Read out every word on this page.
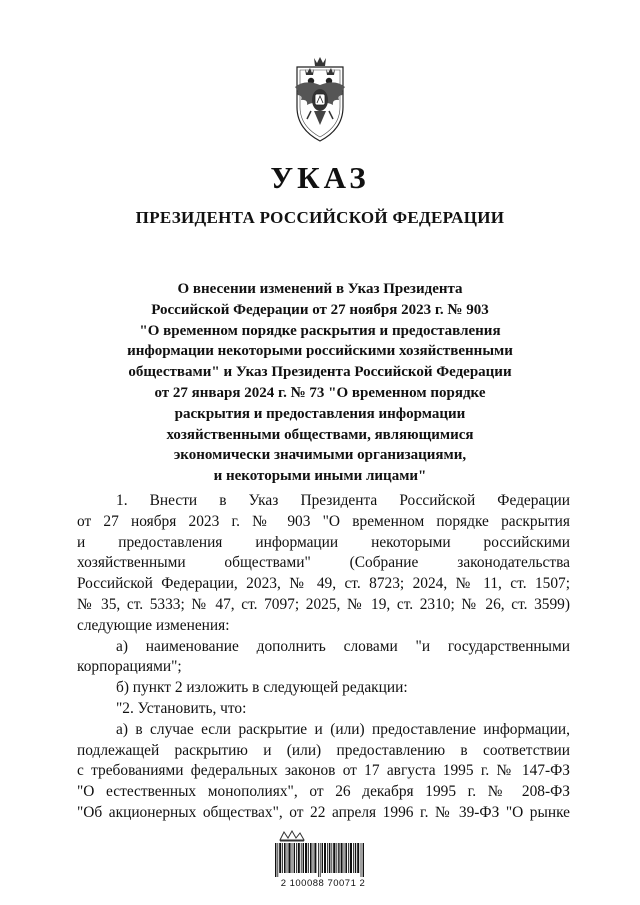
УКАЗ
ПРЕЗИДЕНТА РОССИЙСКОЙ ФЕДЕРАЦИИ
О внесении изменений в Указ Президента
Российской Федерации от 27 ноября 2023 г. № 903
"О временном порядке раскрытия и предоставления
информации некоторыми российскими хозяйственными
обществами" и Указ Президента Российской Федерации
от 27 января 2024 г. № 73 "О временном порядке
раскрытия и предоставления информации
хозяйственными обществами, являющимися
экономически значимыми организациями,
и некоторыми иными лицами"
1. Внести в Указ Президента Российской Федерации
от 27 ноября 2023 г. № 903 "О временном порядке раскрытия
и предоставления информации некоторыми российскими
хозяйственными обществами" (Собрание законодательства
Российской Федерации, 2023, № 49, ст. 8723; 2024, № 11, ст. 1507;
№ 35, ст. 5333; № 47, ст. 7097; 2025, № 19, ст. 2310; № 26, ст. 3599)
следующие изменения:
а) наименование дополнить словами "и государственными
корпорациями";
б) пункт 2 изложить в следующей редакции:
"2. Установить, что:
а) в случае если раскрытие и (или) предоставление информации,
подлежащей раскрытию и (или) предоставлению в соответствии
с требованиями федеральных законов от 17 августа 1995 г. № 147-ФЗ
"О естественных монополиях", от 26 декабря 1995 г. № 208-ФЗ
"Об акционерных обществах", от 22 апреля 1996 г. № 39-ФЗ "О рынке
2 100088 70071 2
